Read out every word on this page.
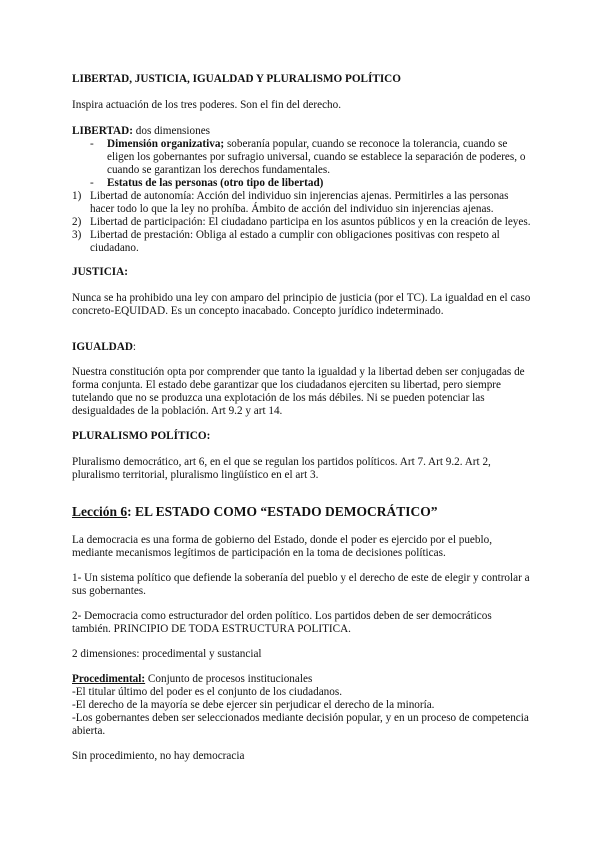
LIBERTAD, JUSTICIA, IGUALDAD Y PLURALISMO POLÍTICO
Inspira actuación de los tres poderes. Son el fin del derecho.
LIBERTAD: dos dimensiones
- Dimensión organizativa; soberanía popular, cuando se reconoce la tolerancia, cuando se
eligen los gobernantes por sufragio universal, cuando se establece la separación de poderes, o
cuando se garantizan los derechos fundamentales.
- Estatus de las personas (otro tipo de libertad)
1) Libertad de autonomía: Acción del individuo sin injerencias ajenas. Permitirles a las personas
hacer todo lo que la ley no prohíba. Ámbito de acción del individuo sin injerencias ajenas.
2) Libertad de participación: El ciudadano participa en los asuntos públicos y en la creación de leyes.
3) Libertad de prestación: Obliga al estado a cumplir con obligaciones positivas con respeto al
ciudadano.
JUSTICIA:
Nunca se ha prohibido una ley con amparo del principio de justicia (por el TC). La igualdad en el caso
concreto-EQUIDAD. Es un concepto inacabado. Concepto jurídico indeterminado.
IGUALDAD:
Nuestra constitución opta por comprender que tanto la igualdad y la libertad deben ser conjugadas de
forma conjunta. El estado debe garantizar que los ciudadanos ejerciten su libertad, pero siempre
tutelando que no se produzca una explotación de los más débiles. Ni se pueden potenciar las
desigualdades de la población. Art 9.2 y art 14.
PLURALISMO POLÍTICO:
Pluralismo democrático, art 6, en el que se regulan los partidos políticos. Art 7. Art 9.2. Art 2,
pluralismo territorial, pluralismo lingüístico en el art 3.
Lección 6: EL ESTADO COMO “ESTADO DEMOCRÁTICO”
La democracia es una forma de gobierno del Estado, donde el poder es ejercido por el pueblo,
mediante mecanismos legítimos de participación en la toma de decisiones políticas.
1- Un sistema político que defiende la soberanía del pueblo y el derecho de este de elegir y controlar a
sus gobernantes.
2- Democracia como estructurador del orden político. Los partidos deben de ser democráticos
también. PRINCIPIO DE TODA ESTRUCTURA POLITICA.
2 dimensiones: procedimental y sustancial
Procedimental: Conjunto de procesos institucionales
-El titular último del poder es el conjunto de los ciudadanos.
-El derecho de la mayoría se debe ejercer sin perjudicar el derecho de la minoría.
-Los gobernantes deben ser seleccionados mediante decisión popular, y en un proceso de competencia
abierta.
Sin procedimiento, no hay democracia
